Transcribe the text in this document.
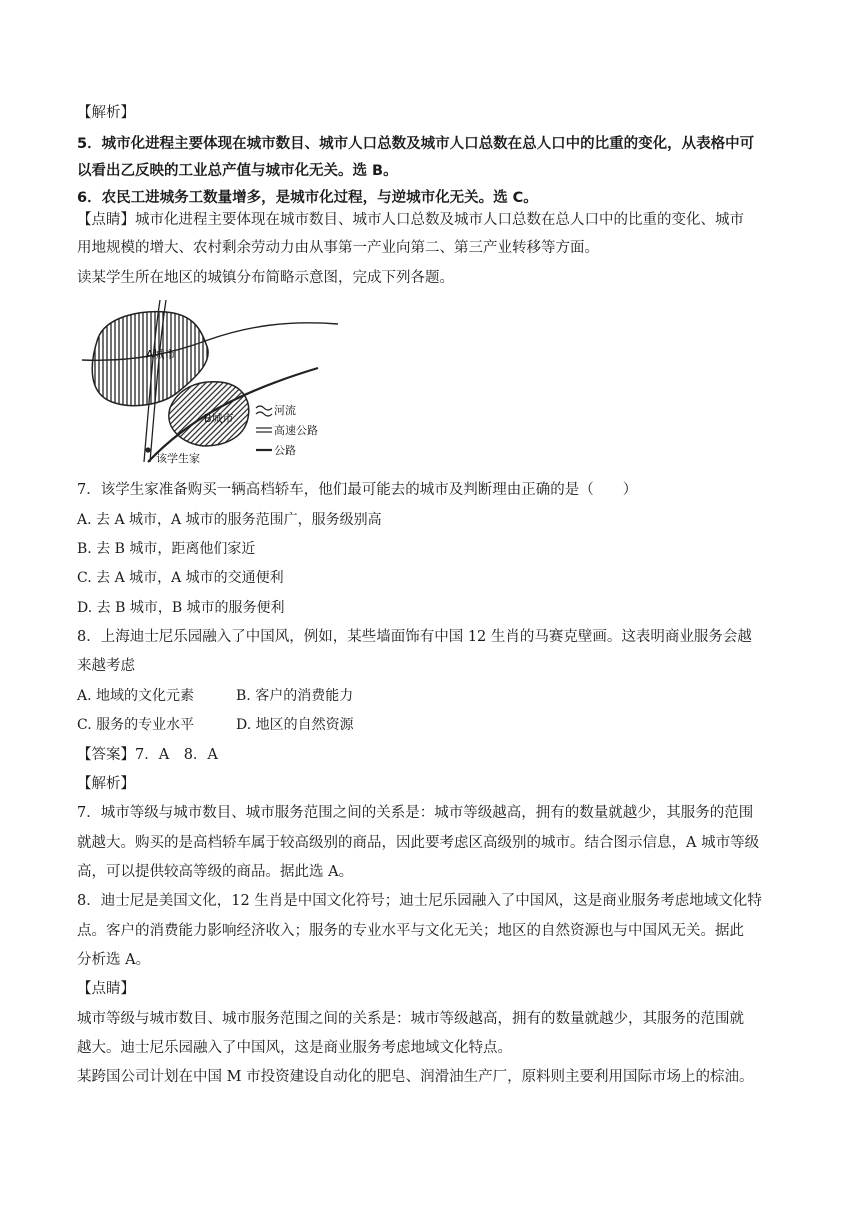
【解析】
5．城市化进程主要体现在城市数目、城市人口总数及城市人口总数在总人口中的比重的变化，从表格中可
以看出乙反映的工业总产值与城市化无关。选 B。
6．农民工进城务工数量增多，是城市化过程，与逆城市化无关。选 C。
【点睛】城市化进程主要体现在城市数目、城市人口总数及城市人口总数在总人口中的比重的变化、城市
用地规模的增大、农村剩余劳动力由从事第一产业向第二、第三产业转移等方面。
读某学生所在地区的城镇分布简略示意图，完成下列各题。
A城市
B城市
该学生家
河流
高速公路
公路
7．该学生家准备购买一辆高档轿车，他们最可能去的城市及判断理由正确的是（　　）
A. 去 A 城市，A 城市的服务范围广，服务级别高
B. 去 B 城市，距离他们家近
C. 去 A 城市，A 城市的交通便利
D. 去 B 城市，B 城市的服务便利
8．上海迪士尼乐园融入了中国风，例如，某些墙面饰有中国 12 生肖的马赛克壁画。这表明商业服务会越
来越考虑
A. 地域的文化元素	B. 客户的消费能力
C. 服务的专业水平	D. 地区的自然资源
【答案】7．A　8．A
【解析】
7．城市等级与城市数目、城市服务范围之间的关系是：城市等级越高，拥有的数量就越少，其服务的范围
就越大。购买的是高档轿车属于较高级别的商品，因此要考虑区高级别的城市。结合图示信息，A 城市等级
高，可以提供较高等级的商品。据此选 A。
8．迪士尼是美国文化，12 生肖是中国文化符号；迪士尼乐园融入了中国风，这是商业服务考虑地域文化特
点。客户的消费能力影响经济收入；服务的专业水平与文化无关；地区的自然资源也与中国风无关。据此
分析选 A。
【点睛】
城市等级与城市数目、城市服务范围之间的关系是：城市等级越高，拥有的数量就越少，其服务的范围就
越大。迪士尼乐园融入了中国风，这是商业服务考虑地域文化特点。
某跨国公司计划在中国 M 市投资建设自动化的肥皂、润滑油生产厂，原料则主要利用国际市场上的棕油。
